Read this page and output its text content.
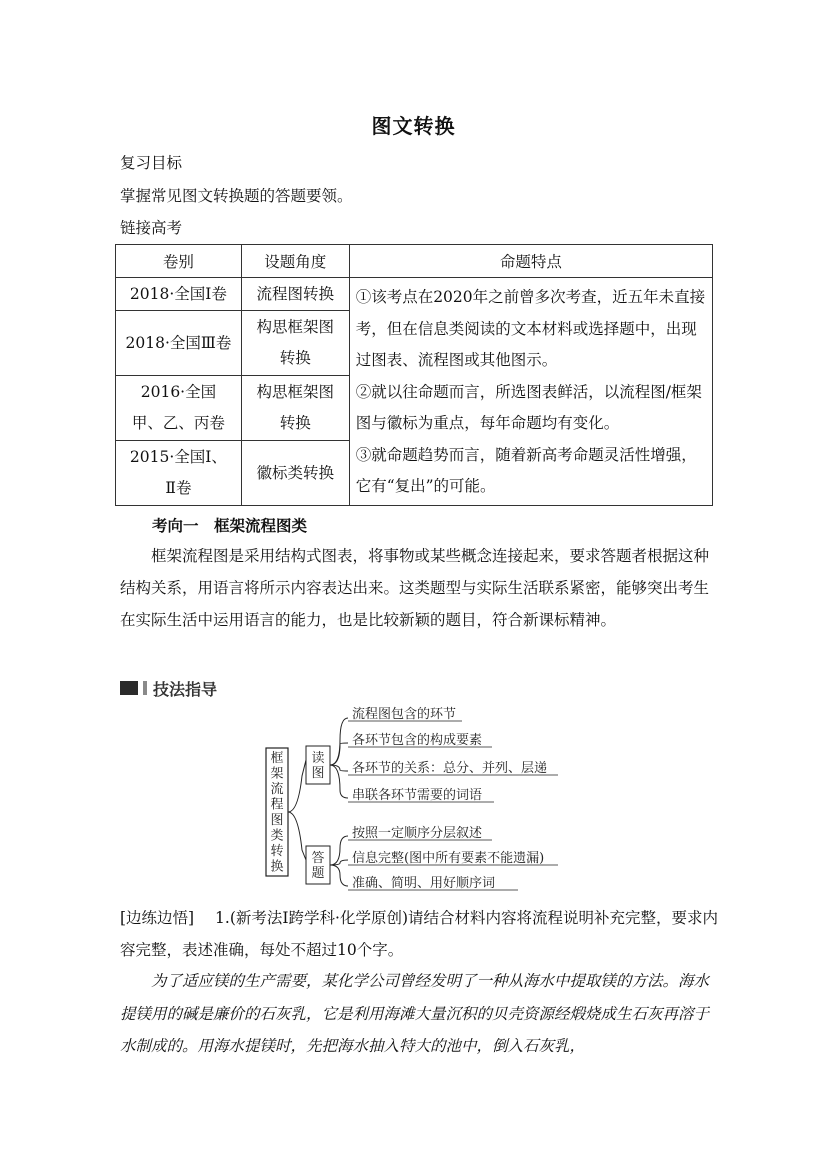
图文转换
复习目标
掌握常见图文转换题的答题要领。
链接高考
卷别	设题角度	命题特点
2018·全国Ⅰ卷	流程图转换	①该考点在2020年之前曾多次考查，近五年未直接考，但在信息类阅读的文本材料或选择题中，出现过图表、流程图或其他图示。
②就以往命题而言，所选图表鲜活，以流程图/框架图与徽标为重点，每年命题均有变化。
③就命题趋势而言，随着新高考命题灵活性增强，它有“复出”的可能。

2018·全国Ⅲ卷	构思框架图转换	
2016·全国甲、乙、丙卷	构思框架图转换	
2015·全国Ⅰ、Ⅱ卷	徽标类转换	
考向一　框架流程图类
框架流程图是采用结构式图表，将事物或某些概念连接起来，要求答题者根据这种结构关系，用语言将所示内容表达出来。这类题型与实际生活联系紧密，能够突出考生在实际生活中运用语言的能力，也是比较新颖的题目，符合新课标精神。
技法指导
框架流程图类转换
读图
答题
流程图包含的环节
各环节包含的构成要素
各环节的关系：总分、并列、层递
串联各环节需要的词语
按照一定顺序分层叙述
信息完整(图中所有要素不能遗漏)
准确、简明、用好顺序词
[边练边悟] 1.(新考法Ⅰ跨学科·化学原创)请结合材料内容将流程说明补充完整，要求内容完整，表述准确，每处不超过10个字。
为了适应镁的生产需要，某化学公司曾经发明了一种从海水中提取镁的方法。海水提镁用的碱是廉价的石灰乳，它是利用海滩大量沉积的贝壳资源经煅烧成生石灰再溶于水制成的。用海水提镁时，先把海水抽入特大的池中，倒入石灰乳，
